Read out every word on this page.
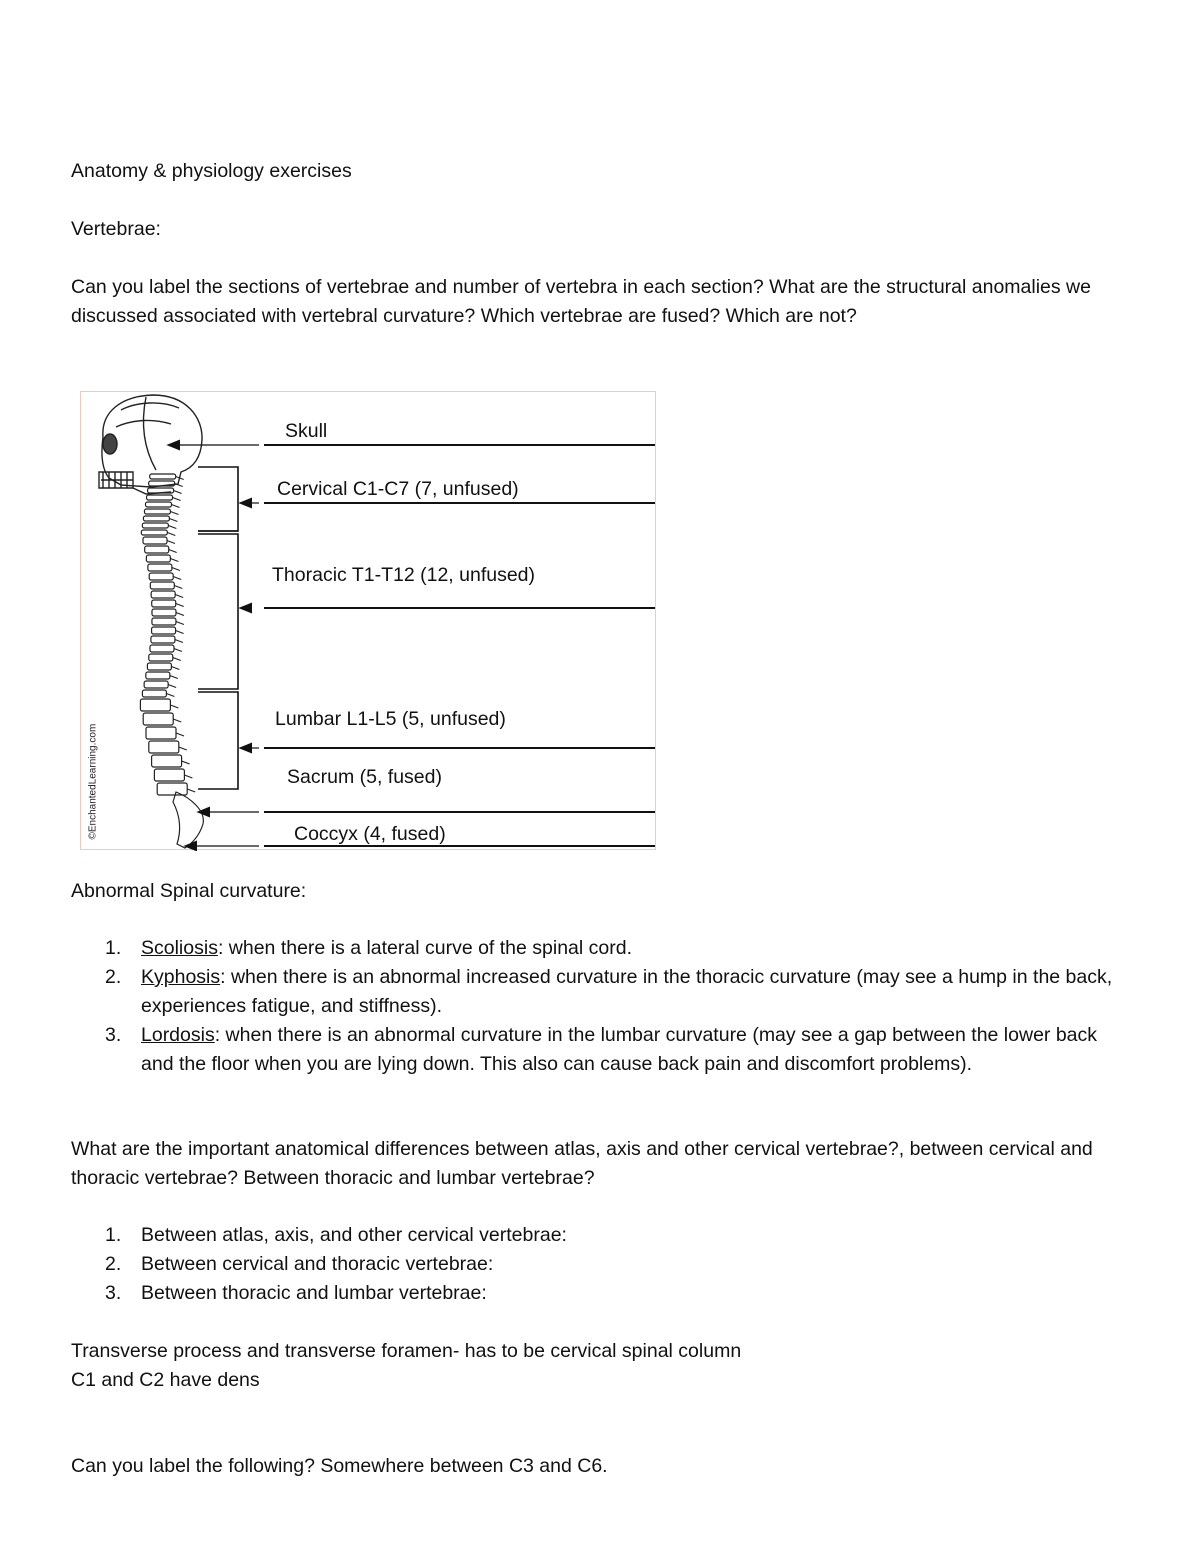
Anatomy & physiology exercises
Vertebrae:
Can you label the sections of vertebrae and number of vertebra in each section? What are the structural anomalies we discussed associated with vertebral curvature? Which vertebrae are fused? Which are not?
©EnchantedLearning.com
Skull
Cervical C1-C7 (7, unfused)
Thoracic T1-T12 (12, unfused)
Lumbar L1-L5 (5, unfused)
Sacrum (5, fused)
Coccyx (4, fused)
Abnormal Spinal curvature:
1. Scoliosis: when there is a lateral curve of the spinal cord.
2. Kyphosis: when there is an abnormal increased curvature in the thoracic curvature (may see a hump in the back, experiences fatigue, and stiffness).
3. Lordosis: when there is an abnormal curvature in the lumbar curvature (may see a gap between the lower back and the floor when you are lying down. This also can cause back pain and discomfort problems).
What are the important anatomical differences between atlas, axis and other cervical vertebrae?, between cervical and thoracic vertebrae? Between thoracic and lumbar vertebrae?
1. Between atlas, axis, and other cervical vertebrae:
2. Between cervical and thoracic vertebrae:
3. Between thoracic and lumbar vertebrae:
Transverse process and transverse foramen- has to be cervical spinal column
C1 and C2 have dens
Can you label the following? Somewhere between C3 and C6.
